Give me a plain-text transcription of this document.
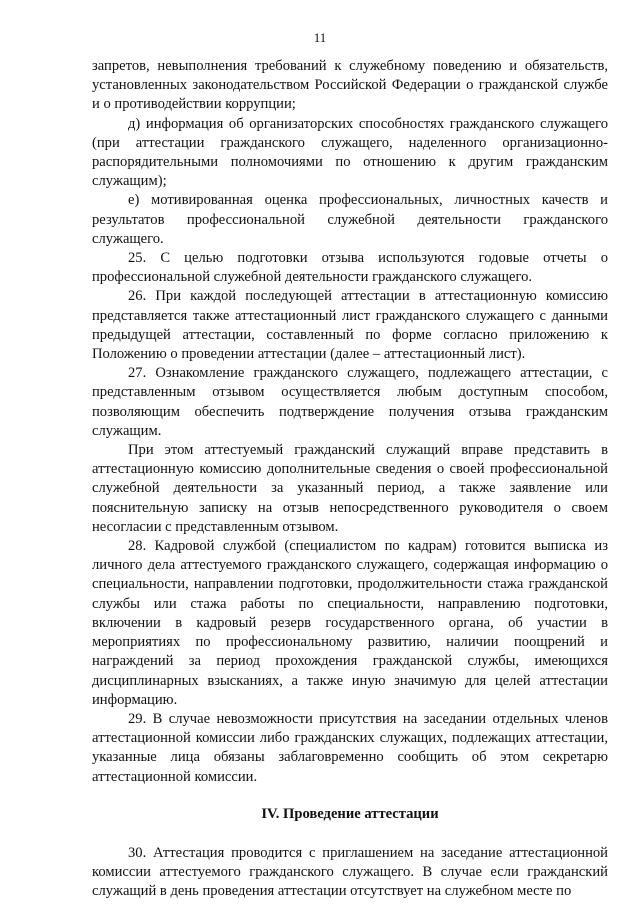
11

запретов, невыполнения требований к служебному поведению и обязательств, установленных законодательством Российской Федерации о гражданской службе и о противодействии коррупции;

д) информация об организаторских способностях гражданского служащего (при аттестации гражданского служащего, наделенного организационно-распорядительными полномочиями по отношению к другим гражданским служащим);

е) мотивированная оценка профессиональных, личностных качеств и результатов профессиональной служебной деятельности гражданского служащего.

25. С целью подготовки отзыва используются годовые отчеты о профессиональной служебной деятельности гражданского служащего.

26. При каждой последующей аттестации в аттестационную комиссию представляется также аттестационный лист гражданского служащего с данными предыдущей аттестации, составленный по форме согласно приложению к Положению о проведении аттестации (далее – аттестационный лист).

27. Ознакомление гражданского служащего, подлежащего аттестации, с представленным отзывом осуществляется любым доступным способом, позволяющим обеспечить подтверждение получения отзыва гражданским служащим.

При этом аттестуемый гражданский служащий вправе представить в аттестационную комиссию дополнительные сведения о своей профессиональной служебной деятельности за указанный период, а также заявление или пояснительную записку на отзыв непосредственного руководителя о своем несогласии с представленным отзывом.

28. Кадровой службой (специалистом по кадрам) готовится выписка из личного дела аттестуемого гражданского служащего, содержащая информацию о специальности, направлении подготовки, продолжительности стажа гражданской службы или стажа работы по специальности, направлению подготовки, включении в кадровый резерв государственного органа, об участии в мероприятиях по профессиональному развитию, наличии поощрений и награждений за период прохождения гражданской службы, имеющихся дисциплинарных взысканиях, а также иную значимую для целей аттестации информацию.

29. В случае невозможности присутствия на заседании отдельных членов аттестационной комиссии либо гражданских служащих, подлежащих аттестации, указанные лица обязаны заблаговременно сообщить об этом секретарю аттестационной комиссии.

IV. Проведение аттестации

30. Аттестация проводится с приглашением на заседание аттестационной комиссии аттестуемого гражданского служащего. В случае если гражданский служащий в день проведения аттестации отсутствует на служебном месте по
